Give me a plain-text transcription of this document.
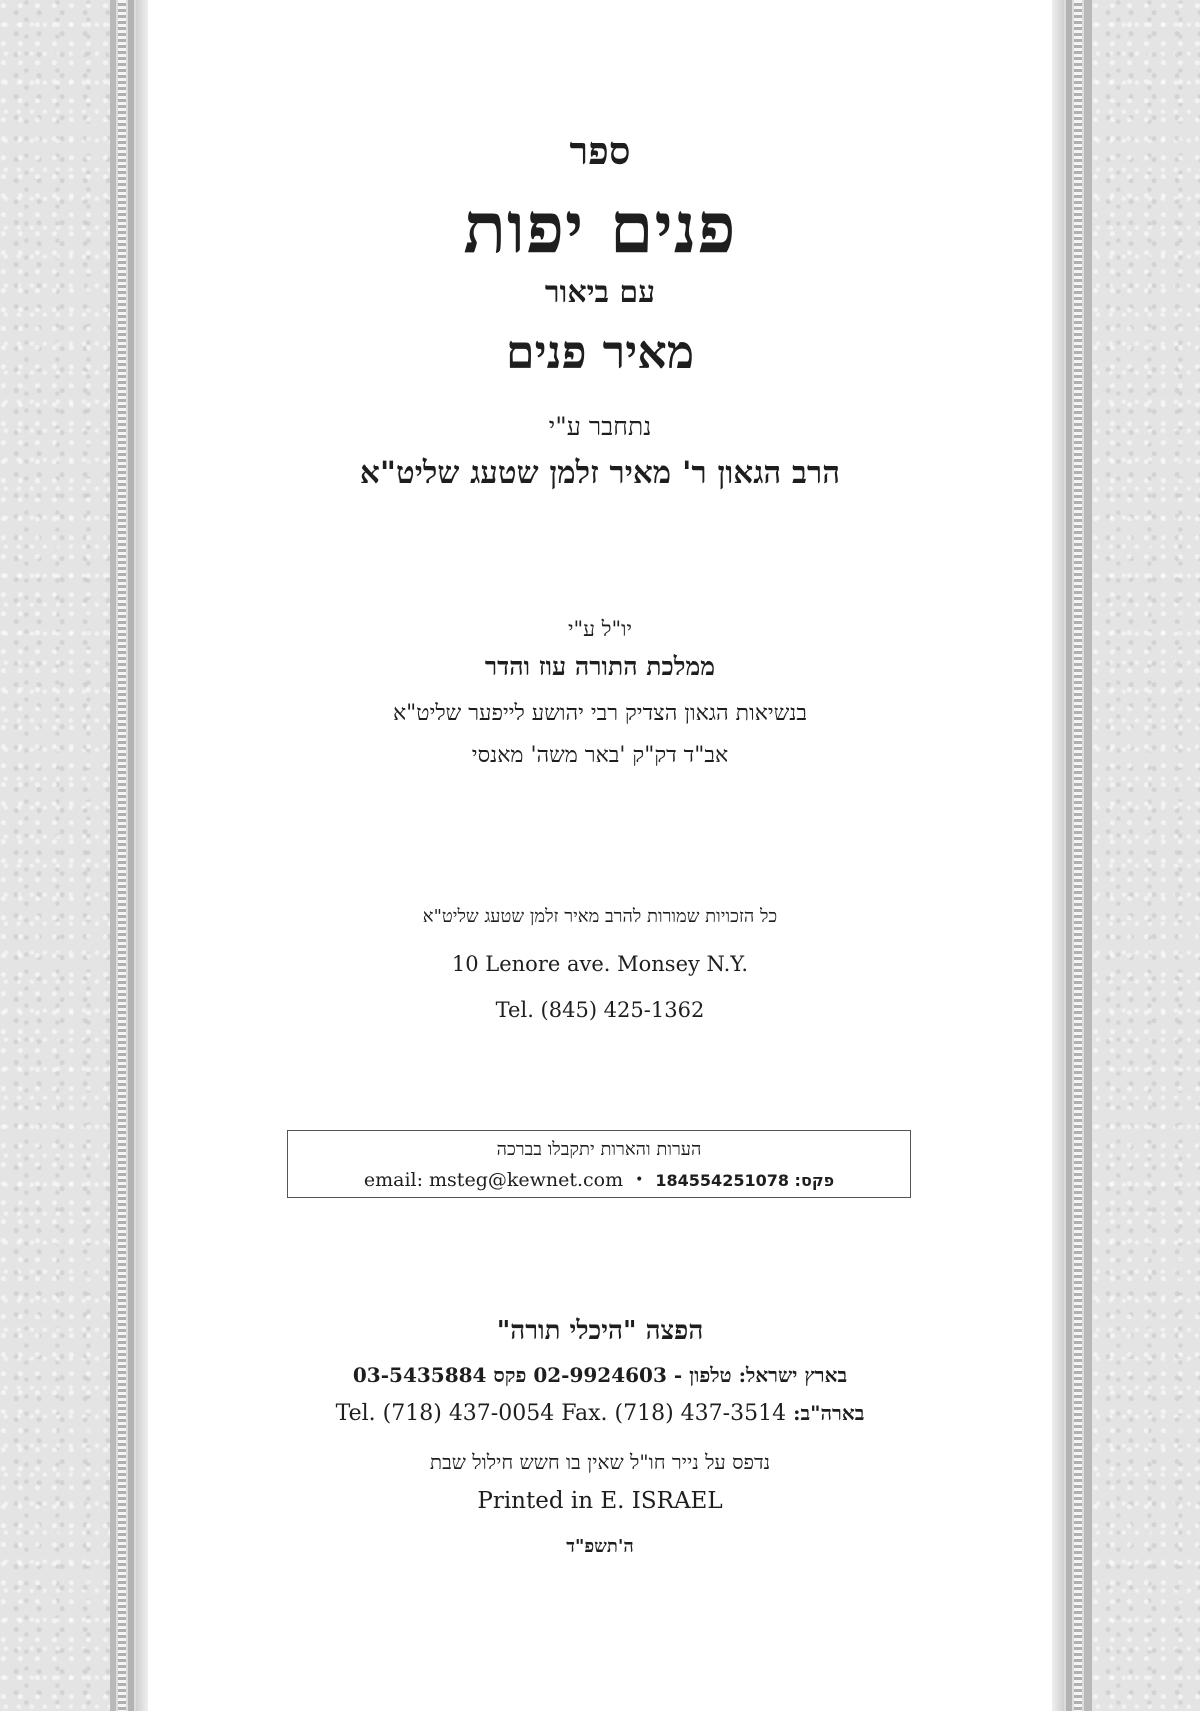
ספר

פנים יפות

עם ביאור

מאיר פנים

נתחבר ע"י

הרב הגאון ר' מאיר זלמן שטעג שליט"א

יו"ל ע"י

ממלכת התורה עוז והדר

בנשיאות הגאון הצדיק רבי יהושע לייפער שליט"א

אב"ד דק"ק 'באר משה' מאנסי

כל הזכויות שמורות להרב מאיר זלמן שטעג שליט"א

10 Lenore ave. Monsey N.Y.

Tel. (845) 425-1362

הערות והארות יתקבלו בברכה
email: msteg@kewnet.com • פקס: 184554251078

הפצה "היכלי תורה"

בארץ ישראל: טלפון - 02-9924603 פקס 03-5435884

Tel. (718) 437-0054 Fax. (718) 437-3514 בארה"ב:

נדפס על נייר חו"ל שאין בו חשש חילול שבת

Printed in E. ISRAEL

ה'תשפ"ד
